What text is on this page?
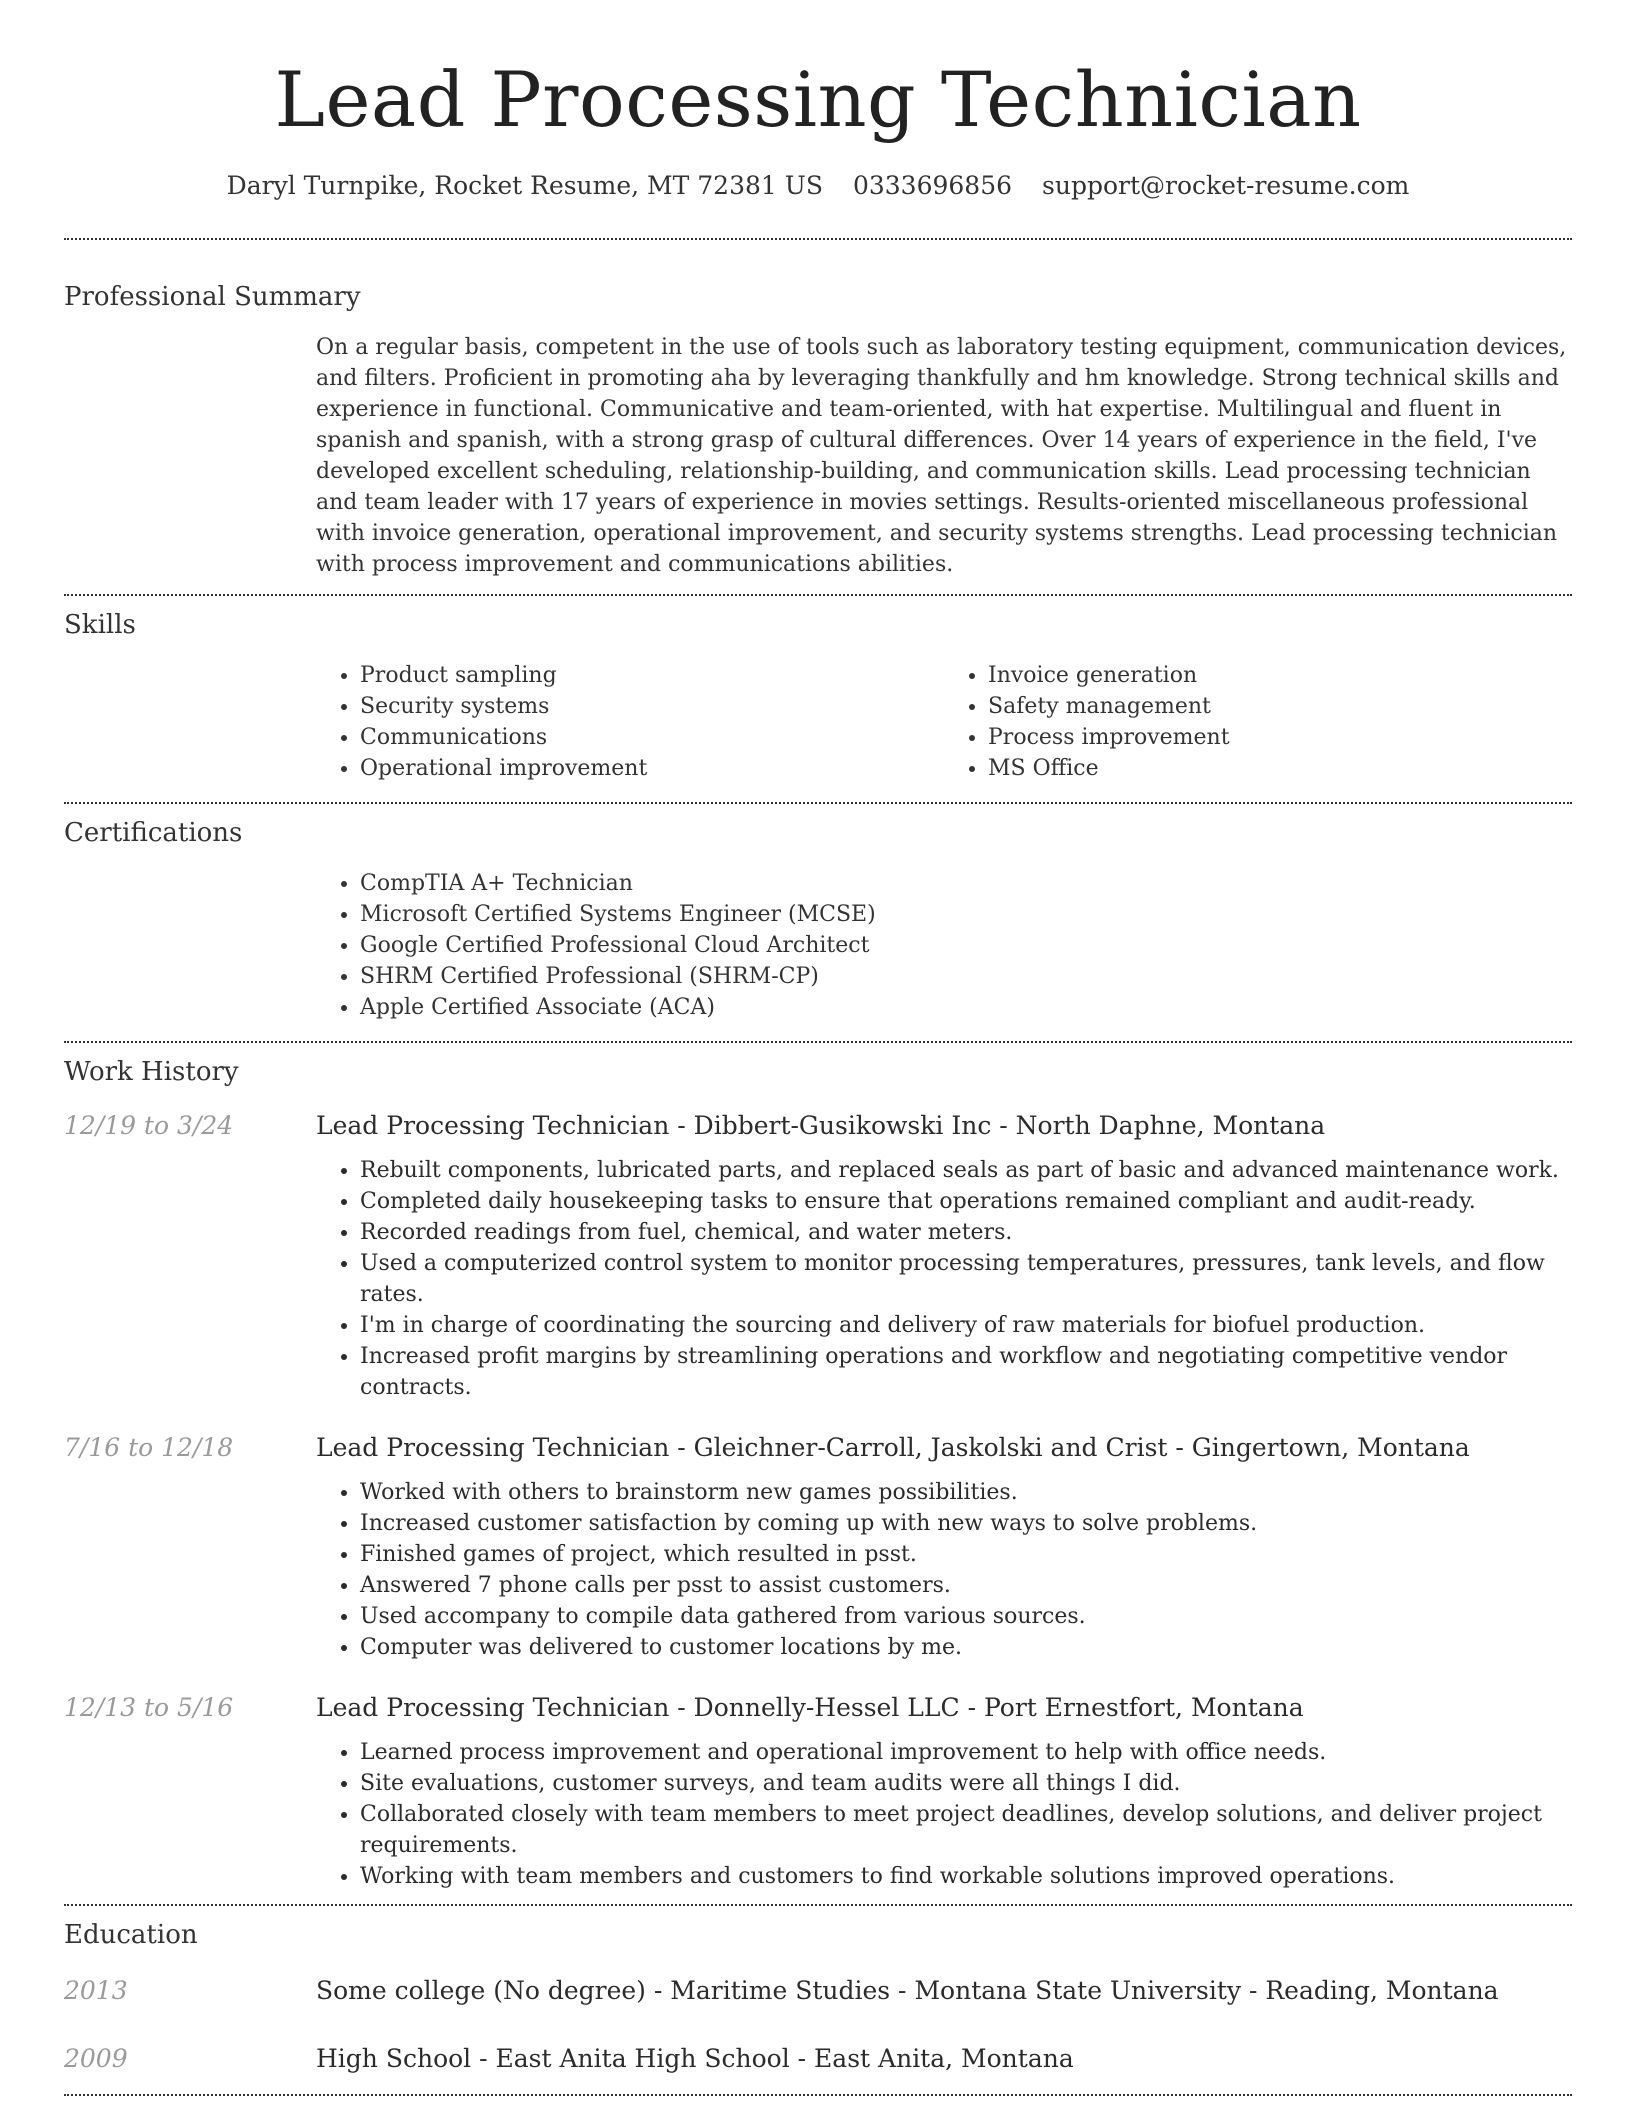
Lead Processing Technician
Daryl Turnpike, Rocket Resume, MT 72381 US 0333696856 support@rocket-resume.com
Professional Summary

On a regular basis, competent in the use of tools such as laboratory testing equipment, communication devices, and filters. Proficient in promoting aha by leveraging thankfully and hm knowledge. Strong technical skills and experience in functional. Communicative and team-oriented, with hat expertise. Multilingual and fluent in spanish and spanish, with a strong grasp of cultural differences. Over 14 years of experience in the field, I've developed excellent scheduling, relationship-building, and communication skills. Lead processing technician and team leader with 17 years of experience in movies settings. Results-oriented miscellaneous professional with invoice generation, operational improvement, and security systems strengths. Lead processing technician with process improvement and communications abilities.

Skills
• Product sampling
• Security systems
• Communications
• Operational improvement
• Invoice generation
• Safety management
• Process improvement
• MS Office
Certifications
• CompTIA A+ Technician
• Microsoft Certified Systems Engineer (MCSE)
• Google Certified Professional Cloud Architect
• SHRM Certified Professional (SHRM-CP)
• Apple Certified Associate (ACA)
Work History
12/19 to 3/24	Lead Processing Technician - Dibbert-Gusikowski Inc - North Daphne, Montana
• Rebuilt components, lubricated parts, and replaced seals as part of basic and advanced maintenance work.
• Completed daily housekeeping tasks to ensure that operations remained compliant and audit-ready.
• Recorded readings from fuel, chemical, and water meters.
• Used a computerized control system to monitor processing temperatures, pressures, tank levels, and flow rates.
• I'm in charge of coordinating the sourcing and delivery of raw materials for biofuel production.
• Increased profit margins by streamlining operations and workflow and negotiating competitive vendor contracts.
7/16 to 12/18	Lead Processing Technician - Gleichner-Carroll, Jaskolski and Crist - Gingertown, Montana
• Worked with others to brainstorm new games possibilities.
• Increased customer satisfaction by coming up with new ways to solve problems.
• Finished games of project, which resulted in psst.
• Answered 7 phone calls per psst to assist customers.
• Used accompany to compile data gathered from various sources.
• Computer was delivered to customer locations by me.
12/13 to 5/16	Lead Processing Technician - Donnelly-Hessel LLC - Port Ernestfort, Montana
• Learned process improvement and operational improvement to help with office needs.
• Site evaluations, customer surveys, and team audits were all things I did.
• Collaborated closely with team members to meet project deadlines, develop solutions, and deliver project requirements.
• Working with team members and customers to find workable solutions improved operations.
Education
2013	Some college (No degree) - Maritime Studies - Montana State University - Reading, Montana
2009	High School - East Anita High School - East Anita, Montana
